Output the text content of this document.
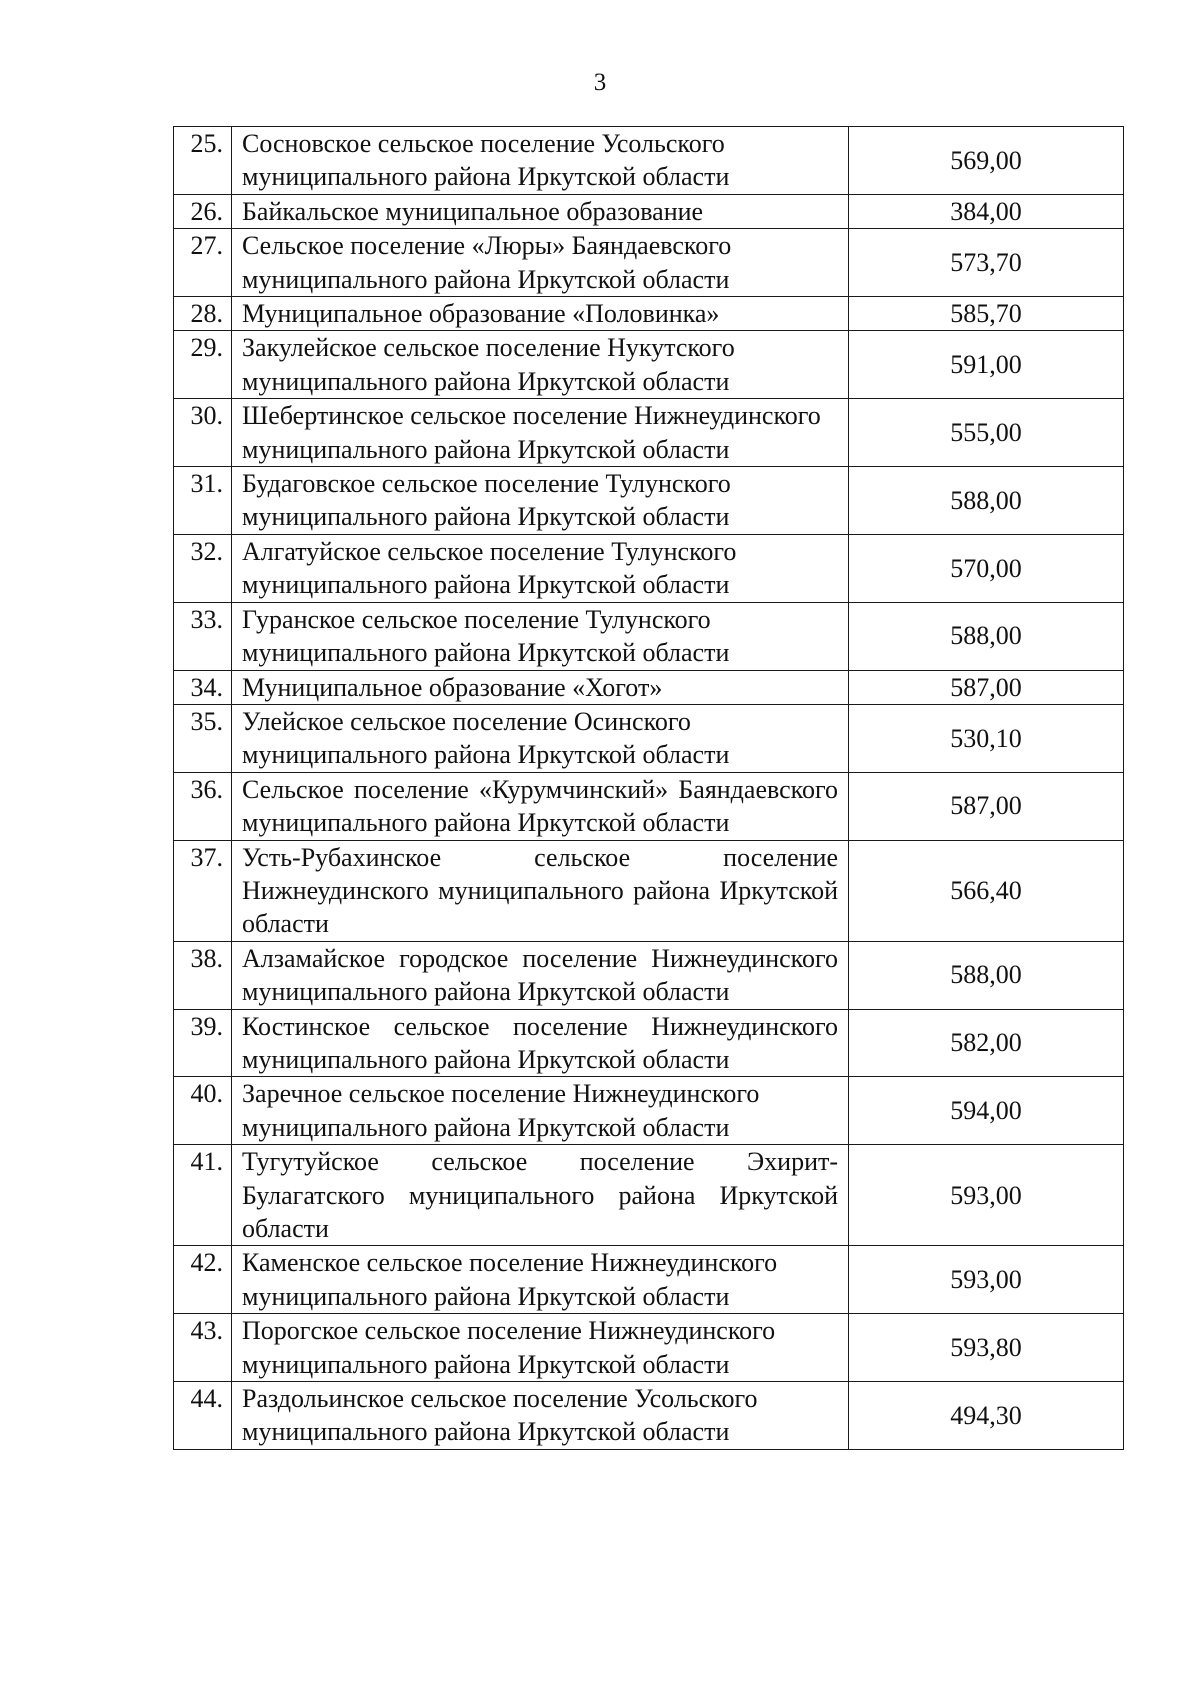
3
25.	Сосновское сельское поселение Усольского муниципального района Иркутской области	569,00
26.	Байкальское муниципальное образование	384,00
27.	Сельское поселение «Люры» Баяндаевского муниципального района Иркутской области	573,70
28.	Муниципальное образование «Половинка»	585,70
29.	Закулейское сельское поселение Нукутского муниципального района Иркутской области	591,00
30.	Шебертинское сельское поселение Нижнеудинского муниципального района Иркутской области	555,00
31.	Будаговское сельское поселение Тулунского муниципального района Иркутской области	588,00
32.	Алгатуйское сельское поселение Тулунского муниципального района Иркутской области	570,00
33.	Гуранское сельское поселение Тулунского муниципального района Иркутской области	588,00
34.	Муниципальное образование «Хогот»	587,00
35.	Улейское сельское поселение Осинского муниципального района Иркутской области	530,10
36.	Сельское поселение «Курумчинский» Баяндаевского муниципального района Иркутской области	587,00
37.	Усть-Рубахинское сельское поселение Нижнеудинского муниципального района Иркутской области	566,40
38.	Алзамайское городское поселение Нижнеудинского муниципального района Иркутской области	588,00
39.	Костинское сельское поселение Нижнеудинского муниципального района Иркутской области	582,00
40.	Заречное сельское поселение Нижнеудинского муниципального района Иркутской области	594,00
41.	Тугутуйское сельское поселение Эхирит-Булагатского муниципального района Иркутской области	593,00
42.	Каменское сельское поселение Нижнеудинского муниципального района Иркутской области	593,00
43.	Порогское сельское поселение Нижнеудинского муниципального района Иркутской области	593,80
44.	Раздольинское сельское поселение Усольского муниципального района Иркутской области	494,30
